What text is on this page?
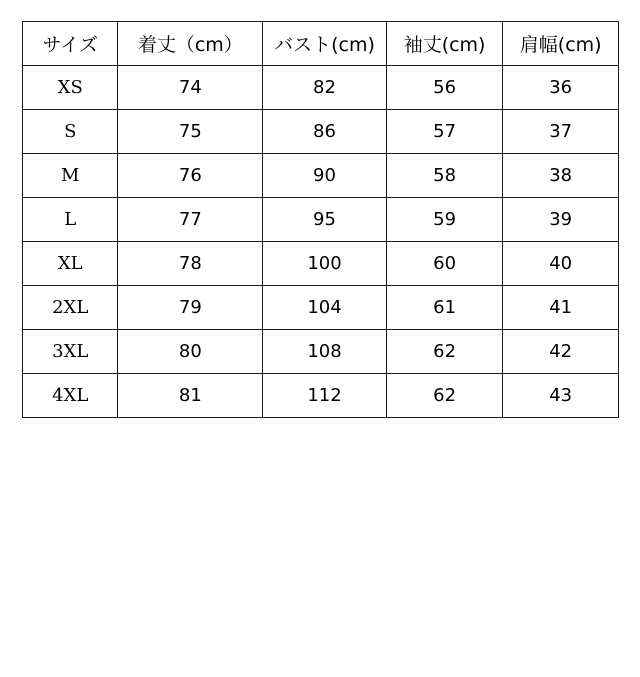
サイズ	着丈（cm）	バスト(cm)	袖丈(cm)	肩幅(cm)
XS	74	82	56	36
S	75	86	57	37
M	76	90	58	38
L	77	95	59	39
XL	78	100	60	40
2XL	79	104	61	41
3XL	80	108	62	42
4XL	81	112	62	43
